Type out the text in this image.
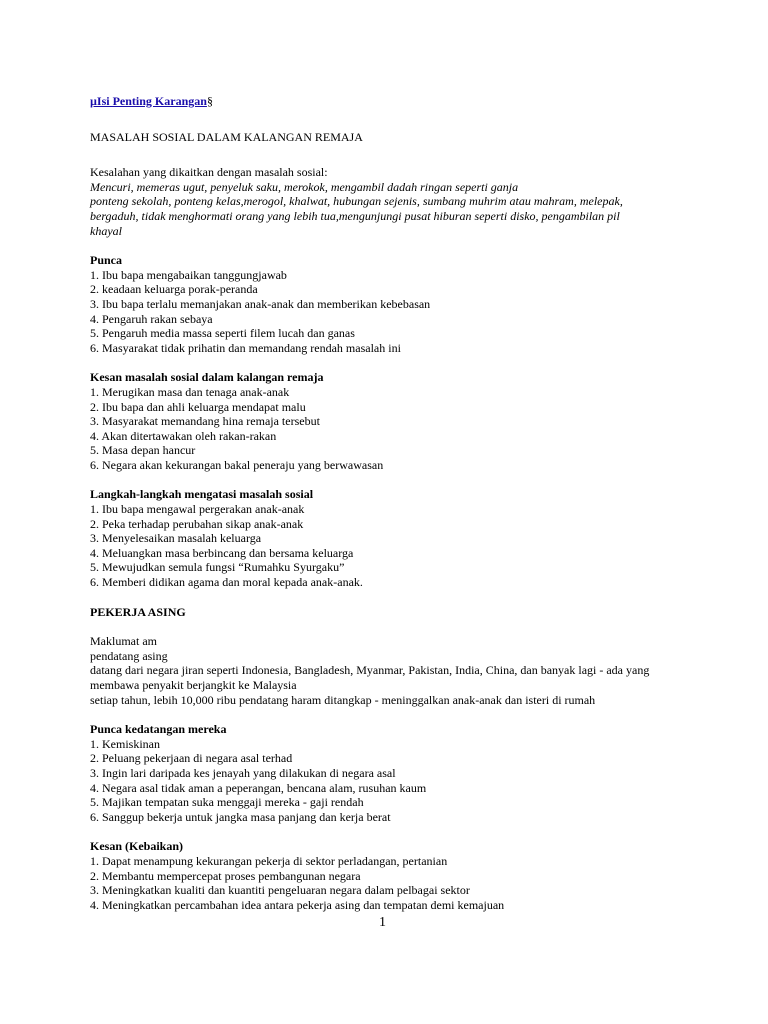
µIsi Penting Karangan§
MASALAH SOSIAL DALAM KALANGAN REMAJA
Kesalahan yang dikaitkan dengan masalah sosial:
Mencuri, memeras ugut, penyeluk saku, merokok, mengambil dadah ringan seperti ganja
ponteng sekolah, ponteng kelas,merogol, khalwat, hubungan sejenis, sumbang muhrim atau mahram, melepak,
bergaduh, tidak menghormati orang yang lebih tua,mengunjungi pusat hiburan seperti disko, pengambilan pil
khayal
Punca
1. Ibu bapa mengabaikan tanggungjawab
2. keadaan keluarga porak-peranda
3. Ibu bapa terlalu memanjakan anak-anak dan memberikan kebebasan
4. Pengaruh rakan sebaya
5. Pengaruh media massa seperti filem lucah dan ganas
6. Masyarakat tidak prihatin dan memandang rendah masalah ini
Kesan masalah sosial dalam kalangan remaja
1. Merugikan masa dan tenaga anak-anak
2. Ibu bapa dan ahli keluarga mendapat malu
3. Masyarakat memandang hina remaja tersebut
4. Akan ditertawakan oleh rakan-rakan
5. Masa depan hancur
6. Negara akan kekurangan bakal peneraju yang berwawasan
Langkah-langkah mengatasi masalah sosial
1. Ibu bapa mengawal pergerakan anak-anak
2. Peka terhadap perubahan sikap anak-anak
3. Menyelesaikan masalah keluarga
4. Meluangkan masa berbincang dan bersama keluarga
5. Mewujudkan semula fungsi “Rumahku Syurgaku”
6. Memberi didikan agama dan moral kepada anak-anak.
PEKERJA ASING
Maklumat am
pendatang asing
datang dari negara jiran seperti Indonesia, Bangladesh, Myanmar, Pakistan, India, China, dan banyak lagi - ada yang
membawa penyakit berjangkit ke Malaysia
setiap tahun, lebih 10,000 ribu pendatang haram ditangkap - meninggalkan anak-anak dan isteri di rumah
Punca kedatangan mereka
1. Kemiskinan
2. Peluang pekerjaan di negara asal terhad
3. Ingin lari daripada kes jenayah yang dilakukan di negara asal
4. Negara asal tidak aman a peperangan, bencana alam, rusuhan kaum
5. Majikan tempatan suka menggaji mereka - gaji rendah
6. Sanggup bekerja untuk jangka masa panjang dan kerja berat
Kesan (Kebaikan)
1. Dapat menampung kekurangan pekerja di sektor perladangan, pertanian
2. Membantu mempercepat proses pembangunan negara
3. Meningkatkan kualiti dan kuantiti pengeluaran negara dalam pelbagai sektor
4. Meningkatkan percambahan idea antara pekerja asing dan tempatan demi kemajuan
1
